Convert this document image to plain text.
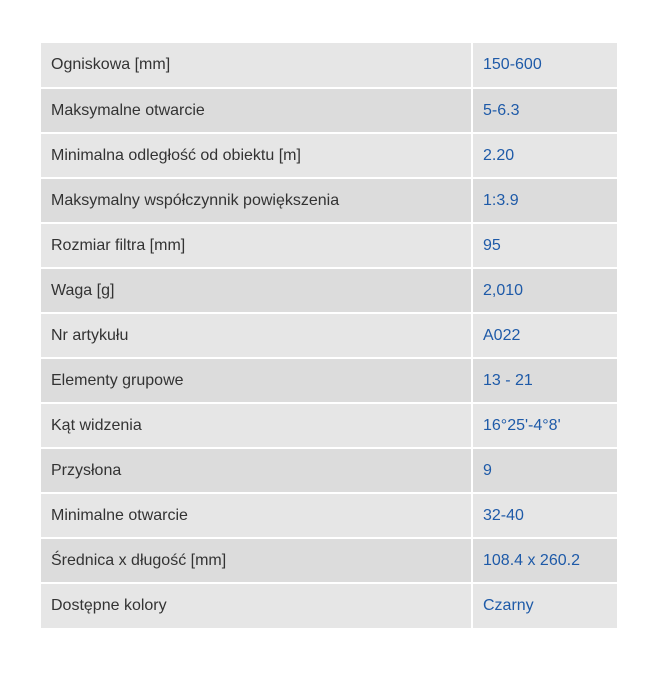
Ogniskowa [mm]	150-600
Maksymalne otwarcie	5-6.3
Minimalna odległość od obiektu [m]	2.20
Maksymalny współczynnik powiększenia	1:3.9
Rozmiar filtra [mm]	95
Waga [g]	2,010
Nr artykułu	A022
Elementy grupowe	13 - 21
Kąt widzenia	16°25'-4°8'
Przysłona	9
Minimalne otwarcie	32-40
Średnica x długość [mm]	108.4 x 260.2
Dostępne kolory	Czarny
